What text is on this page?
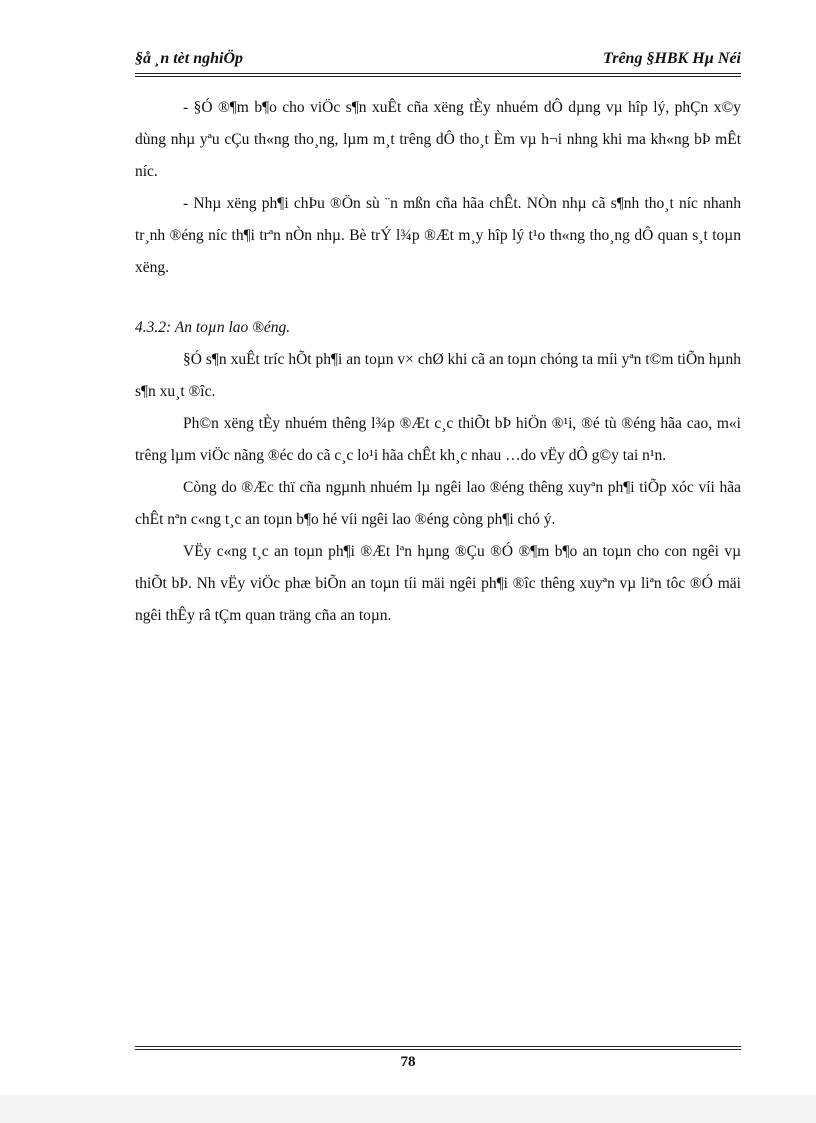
§å ¸n tèt nghiÖp	Trêng §HBK Hµ Néi

- §Ó ®¶m b¶o cho viÖc s¶n xuÊt cña xëng tÈy nhuém dÔ dµng vµ hîp lý, phÇn x©y dùng nhµ yªu cÇu th«ng tho¸ng, lµm m¸t trêng dÔ tho¸t Èm vµ h¬i nhng khi ma kh«ng bÞ mÊt níc.

- Nhµ xëng ph¶i chÞu ®Ön sù ¨n mßn cña hãa chÊt. NÒn nhµ cã s¶nh tho¸t níc nhanh tr¸nh ®éng níc th¶i trªn nÒn nhµ. Bè trÝ l¾p ®Æt m¸y hîp lý t¹o th«ng tho¸ng dÔ quan s¸t toµn xëng.

4.3.2: An toµn lao ®éng.

§Ó s¶n xuÊt tríc hÕt ph¶i an toµn v× chØ khi cã an toµn chóng ta míi yªn t©m tiÕn hµnh s¶n xu¸t ®îc.

Ph©n xëng tÈy nhuém thêng l¾p ®Æt c¸c thiÕt bÞ hiÖn ®¹i, ®é tù ®éng hãa cao, m«i trêng lµm viÖc nãng ®éc do cã c¸c lo¹i hãa chÊt kh¸c nhau …do vËy dÔ g©y tai n¹n.

Còng do ®Æc thï cña ngµnh nhuém lµ ngêi lao ®éng thêng xuyªn ph¶i tiÕp xóc víi hãa chÊt nªn c«ng t¸c an toµn b¶o hé víi ngêi lao ®éng còng ph¶i chó ý.

VËy c«ng t¸c an toµn ph¶i ®Æt lªn hµng ®Çu ®Ó ®¶m b¶o an toµn cho con ngêi vµ thiÕt bÞ. Nh vËy viÖc phæ biÕn an toµn tíi mäi ngêi ph¶i ®îc thêng xuyªn vµ liªn tôc ®Ó mäi ngêi thÊy râ tÇm quan träng cña an toµn.

78
